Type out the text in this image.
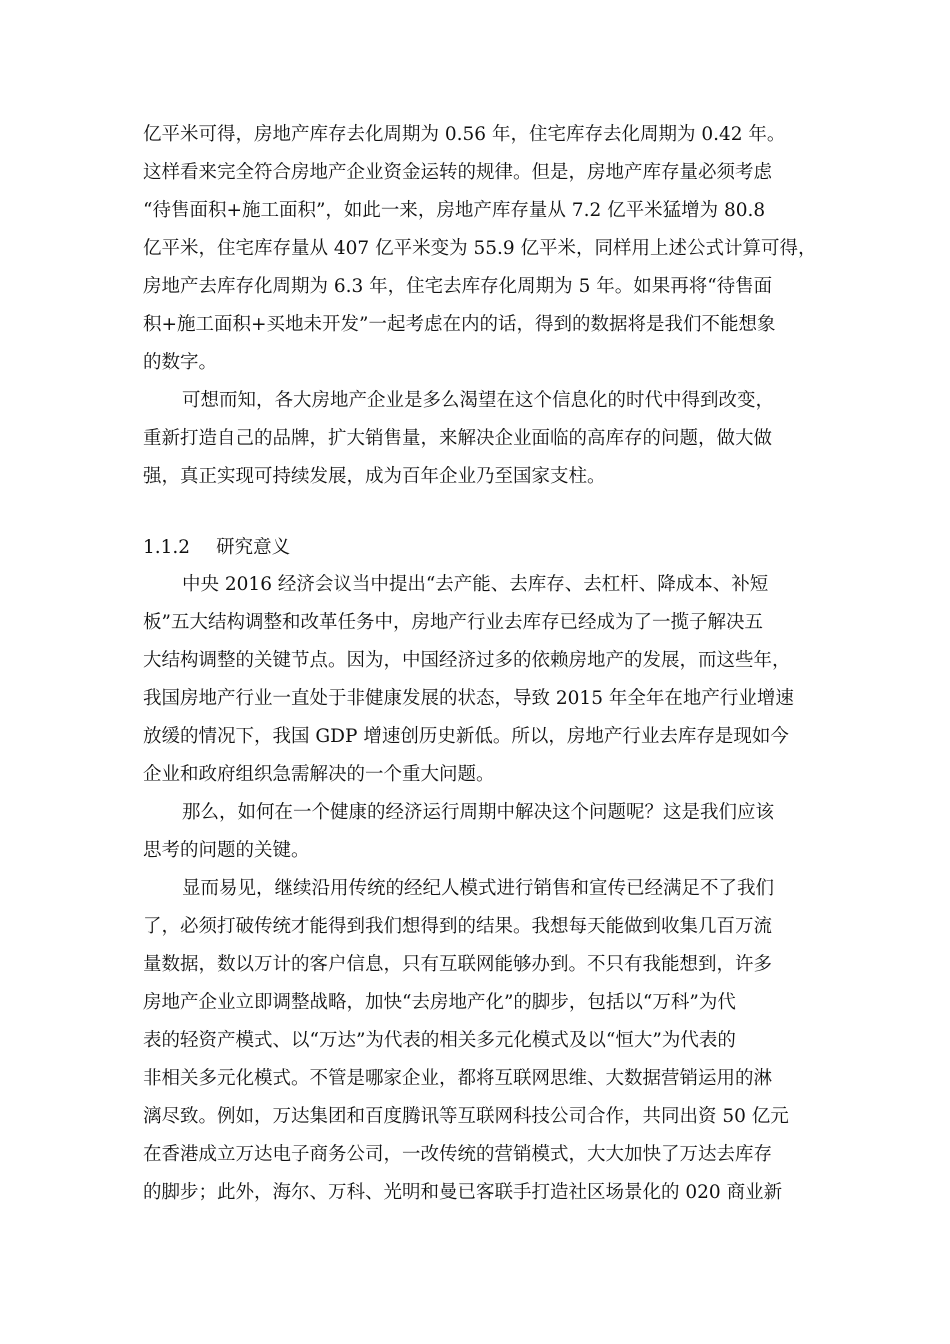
亿平米可得，房地产库存去化周期为 0.56 年，住宅库存去化周期为 0.42 年。
这样看来完全符合房地产企业资金运转的规律。但是，房地产库存量必须考虑
“待售面积+施工面积”，如此一来，房地产库存量从 7.2 亿平米猛增为 80.8
亿平米，住宅库存量从 407 亿平米变为 55.9 亿平米，同样用上述公式计算可得，
房地产去库存化周期为 6.3 年，住宅去库存化周期为 5 年。如果再将“待售面
积+施工面积+买地未开发”一起考虑在内的话，得到的数据将是我们不能想象
的数字。
可想而知，各大房地产企业是多么渴望在这个信息化的时代中得到改变，
重新打造自己的品牌，扩大销售量，来解决企业面临的高库存的问题，做大做
强，真正实现可持续发展，成为百年企业乃至国家支柱。
1.1.2 研究意义
中央 2016 经济会议当中提出“去产能、去库存、去杠杆、降成本、补短
板”五大结构调整和改革任务中，房地产行业去库存已经成为了一揽子解决五
大结构调整的关键节点。因为，中国经济过多的依赖房地产的发展，而这些年，
我国房地产行业一直处于非健康发展的状态，导致 2015 年全年在地产行业增速
放缓的情况下，我国 GDP 增速创历史新低。所以，房地产行业去库存是现如今
企业和政府组织急需解决的一个重大问题。
那么，如何在一个健康的经济运行周期中解决这个问题呢？这是我们应该
思考的问题的关键。
显而易见，继续沿用传统的经纪人模式进行销售和宣传已经满足不了我们
了，必须打破传统才能得到我们想得到的结果。我想每天能做到收集几百万流
量数据，数以万计的客户信息，只有互联网能够办到。不只有我能想到，许多
房地产企业立即调整战略，加快“去房地产化”的脚步，包括以“万科”为代
表的轻资产模式、以“万达”为代表的相关多元化模式及以“恒大”为代表的
非相关多元化模式。不管是哪家企业，都将互联网思维、大数据营销运用的淋
漓尽致。例如，万达集团和百度腾讯等互联网科技公司合作，共同出资 50 亿元
在香港成立万达电子商务公司，一改传统的营销模式，大大加快了万达去库存
的脚步；此外，海尔、万科、光明和曼已客联手打造社区场景化的 020 商业新
